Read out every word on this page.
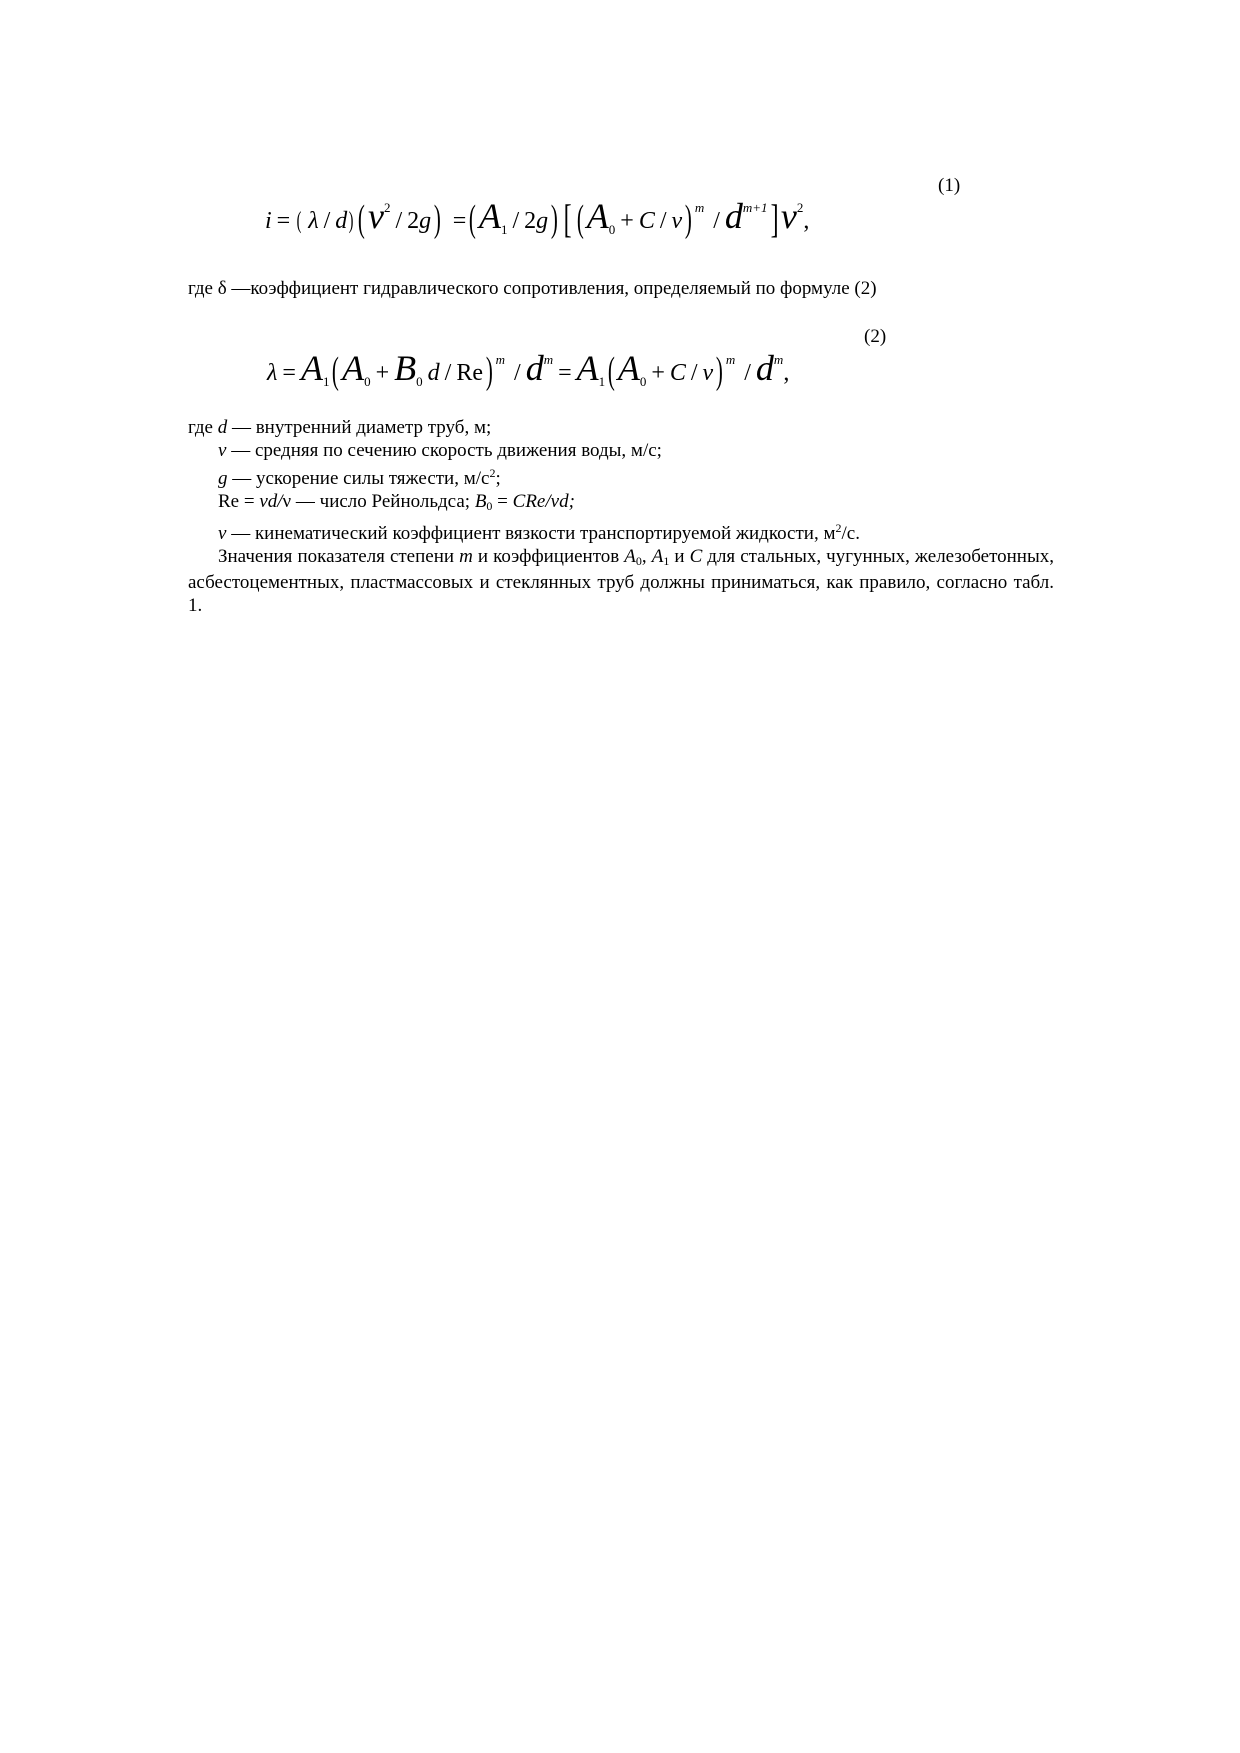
(1)
i = ( λ / d) ($v^2/$ $2g) =(A_1 / 2g)$ [ $(A_0 + C / \nu)$ $^m$/ $d^{m+1}]v^2$,

где δ —коэффициент гидравлического сопротивления, определяемый по формуле (2)

(2)
$\lambda = A_1(A_0 + B_0$ d / Re) $^m$/ $d^m= A_1(A_0 + C / \nu)$ $^m$/ $d^m$,

где d — внутренний диаметр труб, м;

v — средняя по сечению скорость движения воды, м/с;

g — ускорение силы тяжести, $м/с^2$;

Re = vd/ν — число Рейнольдса; B0 = CRe/vd;

ν — кинематический коэффициент вязкости транспортируемой жидкости, $м^2/с$.

Значения показателя степени m и коэффициентов A0, A1 и C для стальных, чугунных, железобетонных, асбестоцементных, пластмассовых и стеклянных труб должны приниматься, как правило, согласно табл. 1.
